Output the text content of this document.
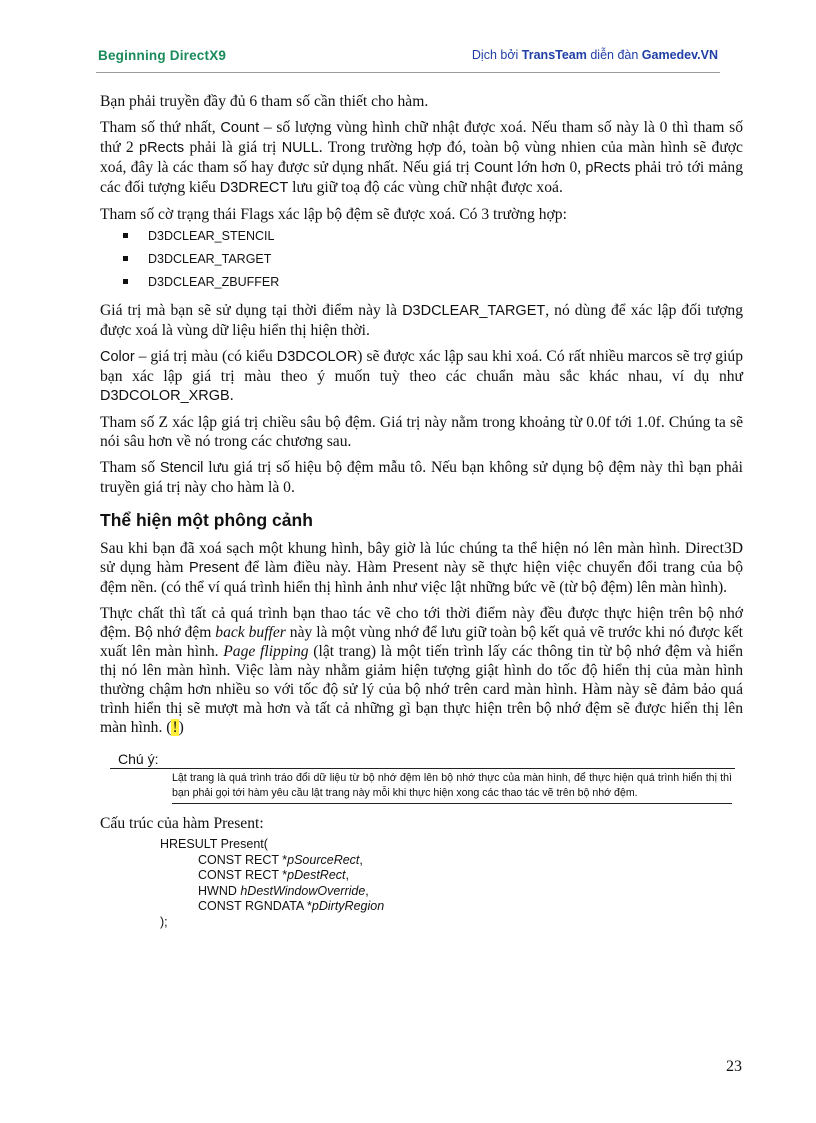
Beginning DirectX9	Dịch bởi TransTeam diễn đàn Gamedev.VN

Bạn phải truyền đầy đủ 6 tham số cần thiết cho hàm.

Tham số thứ nhất, Count – số lượng vùng hình chữ nhật được xoá. Nếu tham số này là 0 thì tham số thứ 2 pRects phải là giá trị NULL. Trong trường hợp đó, toàn bộ vùng nhien của màn hình sẽ được xoá, đây là các tham số hay được sử dụng nhất. Nếu giá trị Count lớn hơn 0, pRects phải trỏ tới mảng các đối tượng kiểu D3DRECT lưu giữ toạ độ các vùng chữ nhật được xoá.

Tham số cờ trạng thái Flags xác lập bộ đệm sẽ được xoá. Có 3 trường hợp:

D3DCLEAR_STENCIL
D3DCLEAR_TARGET
D3DCLEAR_ZBUFFER

Giá trị mà bạn sẽ sử dụng tại thời điểm này là D3DCLEAR_TARGET, nó dùng để xác lập đối tượng được xoá là vùng dữ liệu hiển thị hiện thời.

Color – giá trị màu (có kiểu D3DCOLOR) sẽ được xác lập sau khi xoá. Có rất nhiều marcos sẽ trợ giúp bạn xác lập giá trị màu theo ý muốn tuỳ theo các chuẩn màu sắc khác nhau, ví dụ như D3DCOLOR_XRGB.

Tham số Z xác lập giá trị chiều sâu bộ đệm. Giá trị này nằm trong khoảng từ 0.0f tới 1.0f. Chúng ta sẽ nói sâu hơn về nó trong các chương sau.

Tham số Stencil lưu giá trị số hiệu bộ đệm mẫu tô. Nếu bạn không sử dụng bộ đệm này thì bạn phải truyền giá trị này cho hàm là 0.

Thể hiện một phông cảnh

Sau khi bạn đã xoá sạch một khung hình, bây giờ là lúc chúng ta thể hiện nó lên màn hình. Direct3D sử dụng hàm Present để làm điều này. Hàm Present này sẽ thực hiện việc chuyển đổi trang của bộ đệm nền. (có thể ví quá trình hiển thị hình ảnh như việc lật những bức vẽ (từ bộ đệm) lên màn hình).

Thực chất thì tất cả quá trình bạn thao tác vẽ cho tới thời điểm này đều được thực hiện trên bộ nhớ đệm. Bộ nhớ đệm back buffer này là một vùng nhớ để lưu giữ toàn bộ kết quả vẽ trước khi nó được kết xuất lên màn hình. Page flipping (lật trang) là một tiến trình lấy các thông tin từ bộ nhớ đệm và hiển thị nó lên màn hình. Việc làm này nhằm giảm hiện tượng giật hình do tốc độ hiển thị của màn hình thường chậm hơn nhiều so với tốc độ sử lý của bộ nhớ trên card màn hình. Hàm này sẽ đảm bảo quá trình hiển thị sẽ mượt mà hơn và tất cả những gì bạn thực hiện trên bộ nhớ đệm sẽ được hiển thị lên màn hình. (!)

Chú ý:
Lật trang là quá trình tráo đổi dữ liệu từ bộ nhớ đệm lên bộ nhớ thực của màn hình, để thực hiện quá trình hiển thị thì bạn phải gọi tới hàm yêu cầu lật trang này mỗi khi thực hiện xong các thao tác vẽ trên bộ nhớ đệm.

Cấu trúc của hàm Present:

HRESULT Present(
CONST RECT *pSourceRect,
CONST RECT *pDestRect,
HWND hDestWindowOverride,
CONST RGNDATA *pDirtyRegion
);
23
